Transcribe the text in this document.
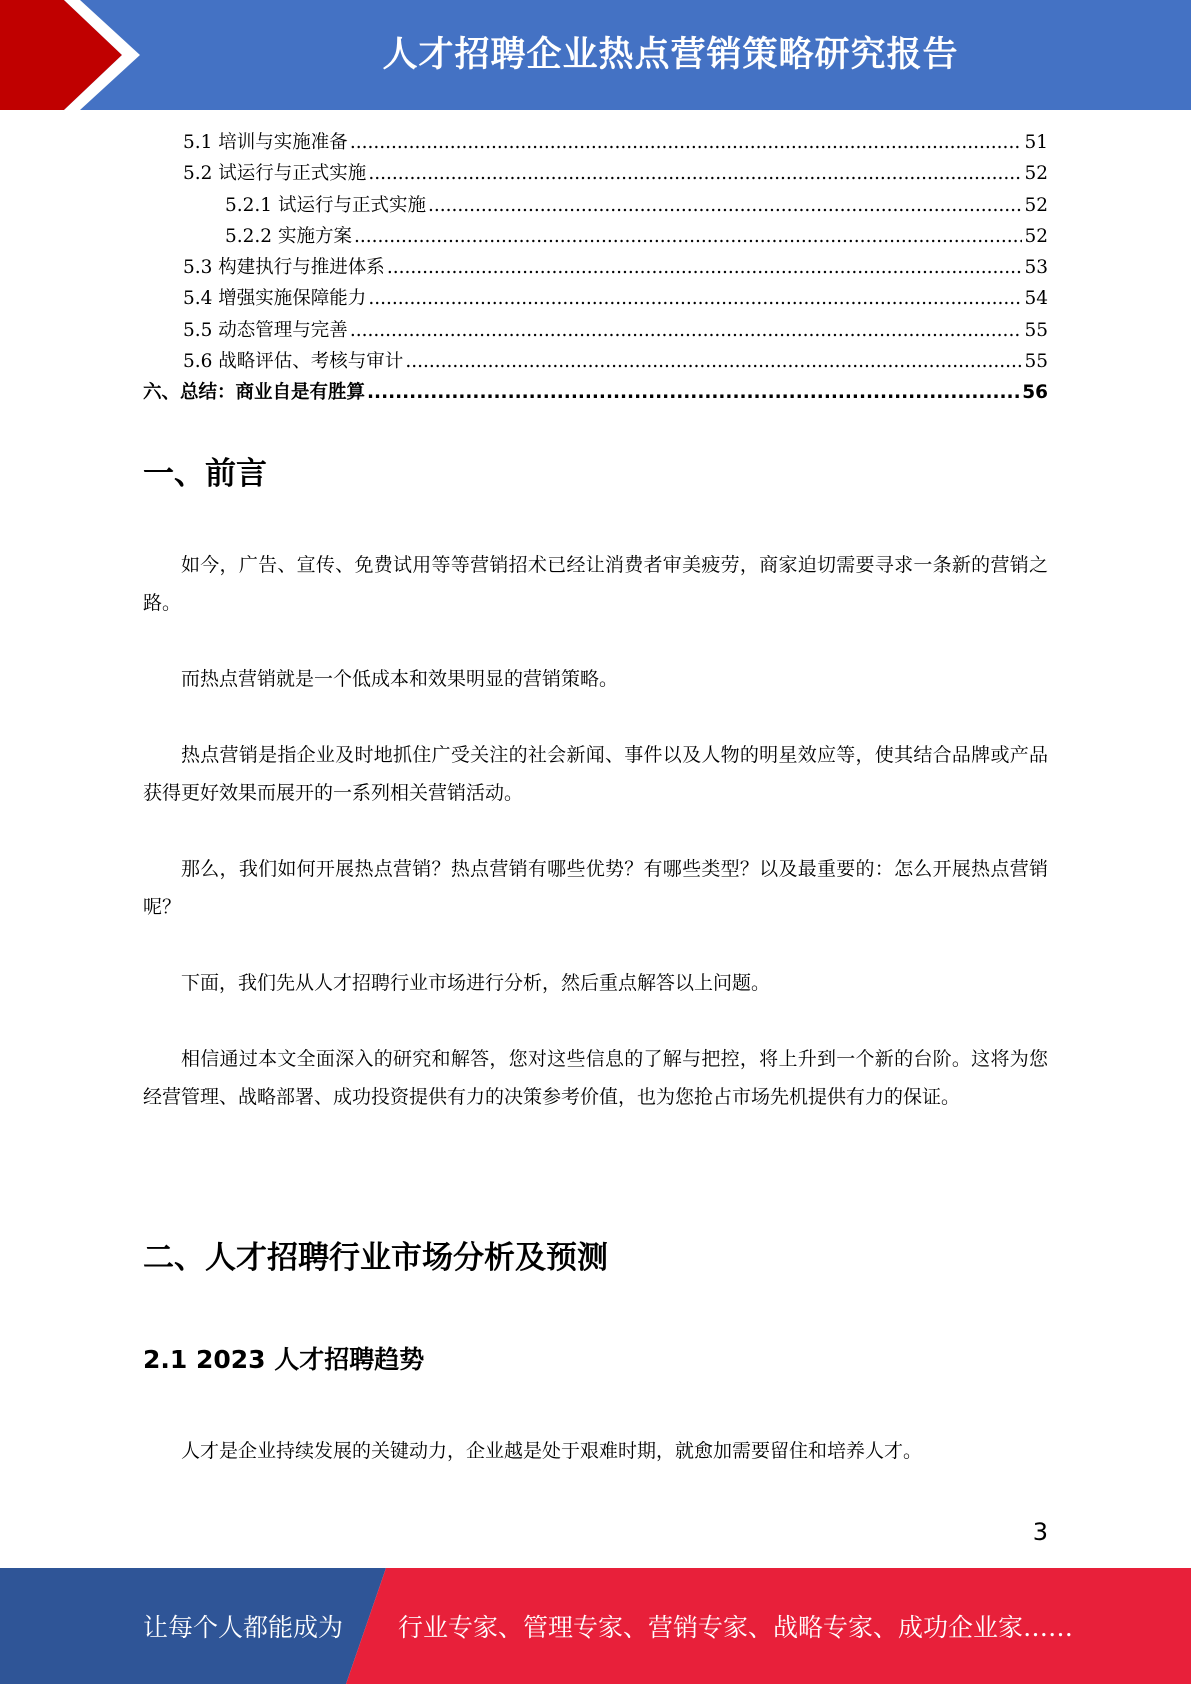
人才招聘企业热点营销策略研究报告
5.1 培训与实施准备 .....	51
5.2 试运行与正式实施 .....	52
5.2.1 试运行与正式实施 .....	52
5.2.2 实施方案 .....	52
5.3 构建执行与推进体系 .....	53
5.4 增强实施保障能力 .....	54
5.5 动态管理与完善 .....	55
5.6 战略评估、考核与审计 .....	55
六、总结：商业自是有胜算 .....	56
一、前言

如今，广告、宣传、免费试用等等营销招术已经让消费者审美疲劳，商家迫切需要寻求一条新的营销之路。

而热点营销就是一个低成本和效果明显的营销策略。

热点营销是指企业及时地抓住广受关注的社会新闻、事件以及人物的明星效应等，使其结合品牌或产品获得更好效果而展开的一系列相关营销活动。

那么，我们如何开展热点营销？热点营销有哪些优势？有哪些类型？以及最重要的：怎么开展热点营销呢？

下面，我们先从人才招聘行业市场进行分析，然后重点解答以上问题。

相信通过本文全面深入的研究和解答，您对这些信息的了解与把控，将上升到一个新的台阶。这将为您经营管理、战略部署、成功投资提供有力的决策参考价值，也为您抢占市场先机提供有力的保证。

二、人才招聘行业市场分析及预测
2.1 2023 人才招聘趋势

人才是企业持续发展的关键动力，企业越是处于艰难时期，就愈加需要留住和培养人才。

3
让每个人都能成为 行业专家、管理专家、营销专家、战略专家、成功企业家……
